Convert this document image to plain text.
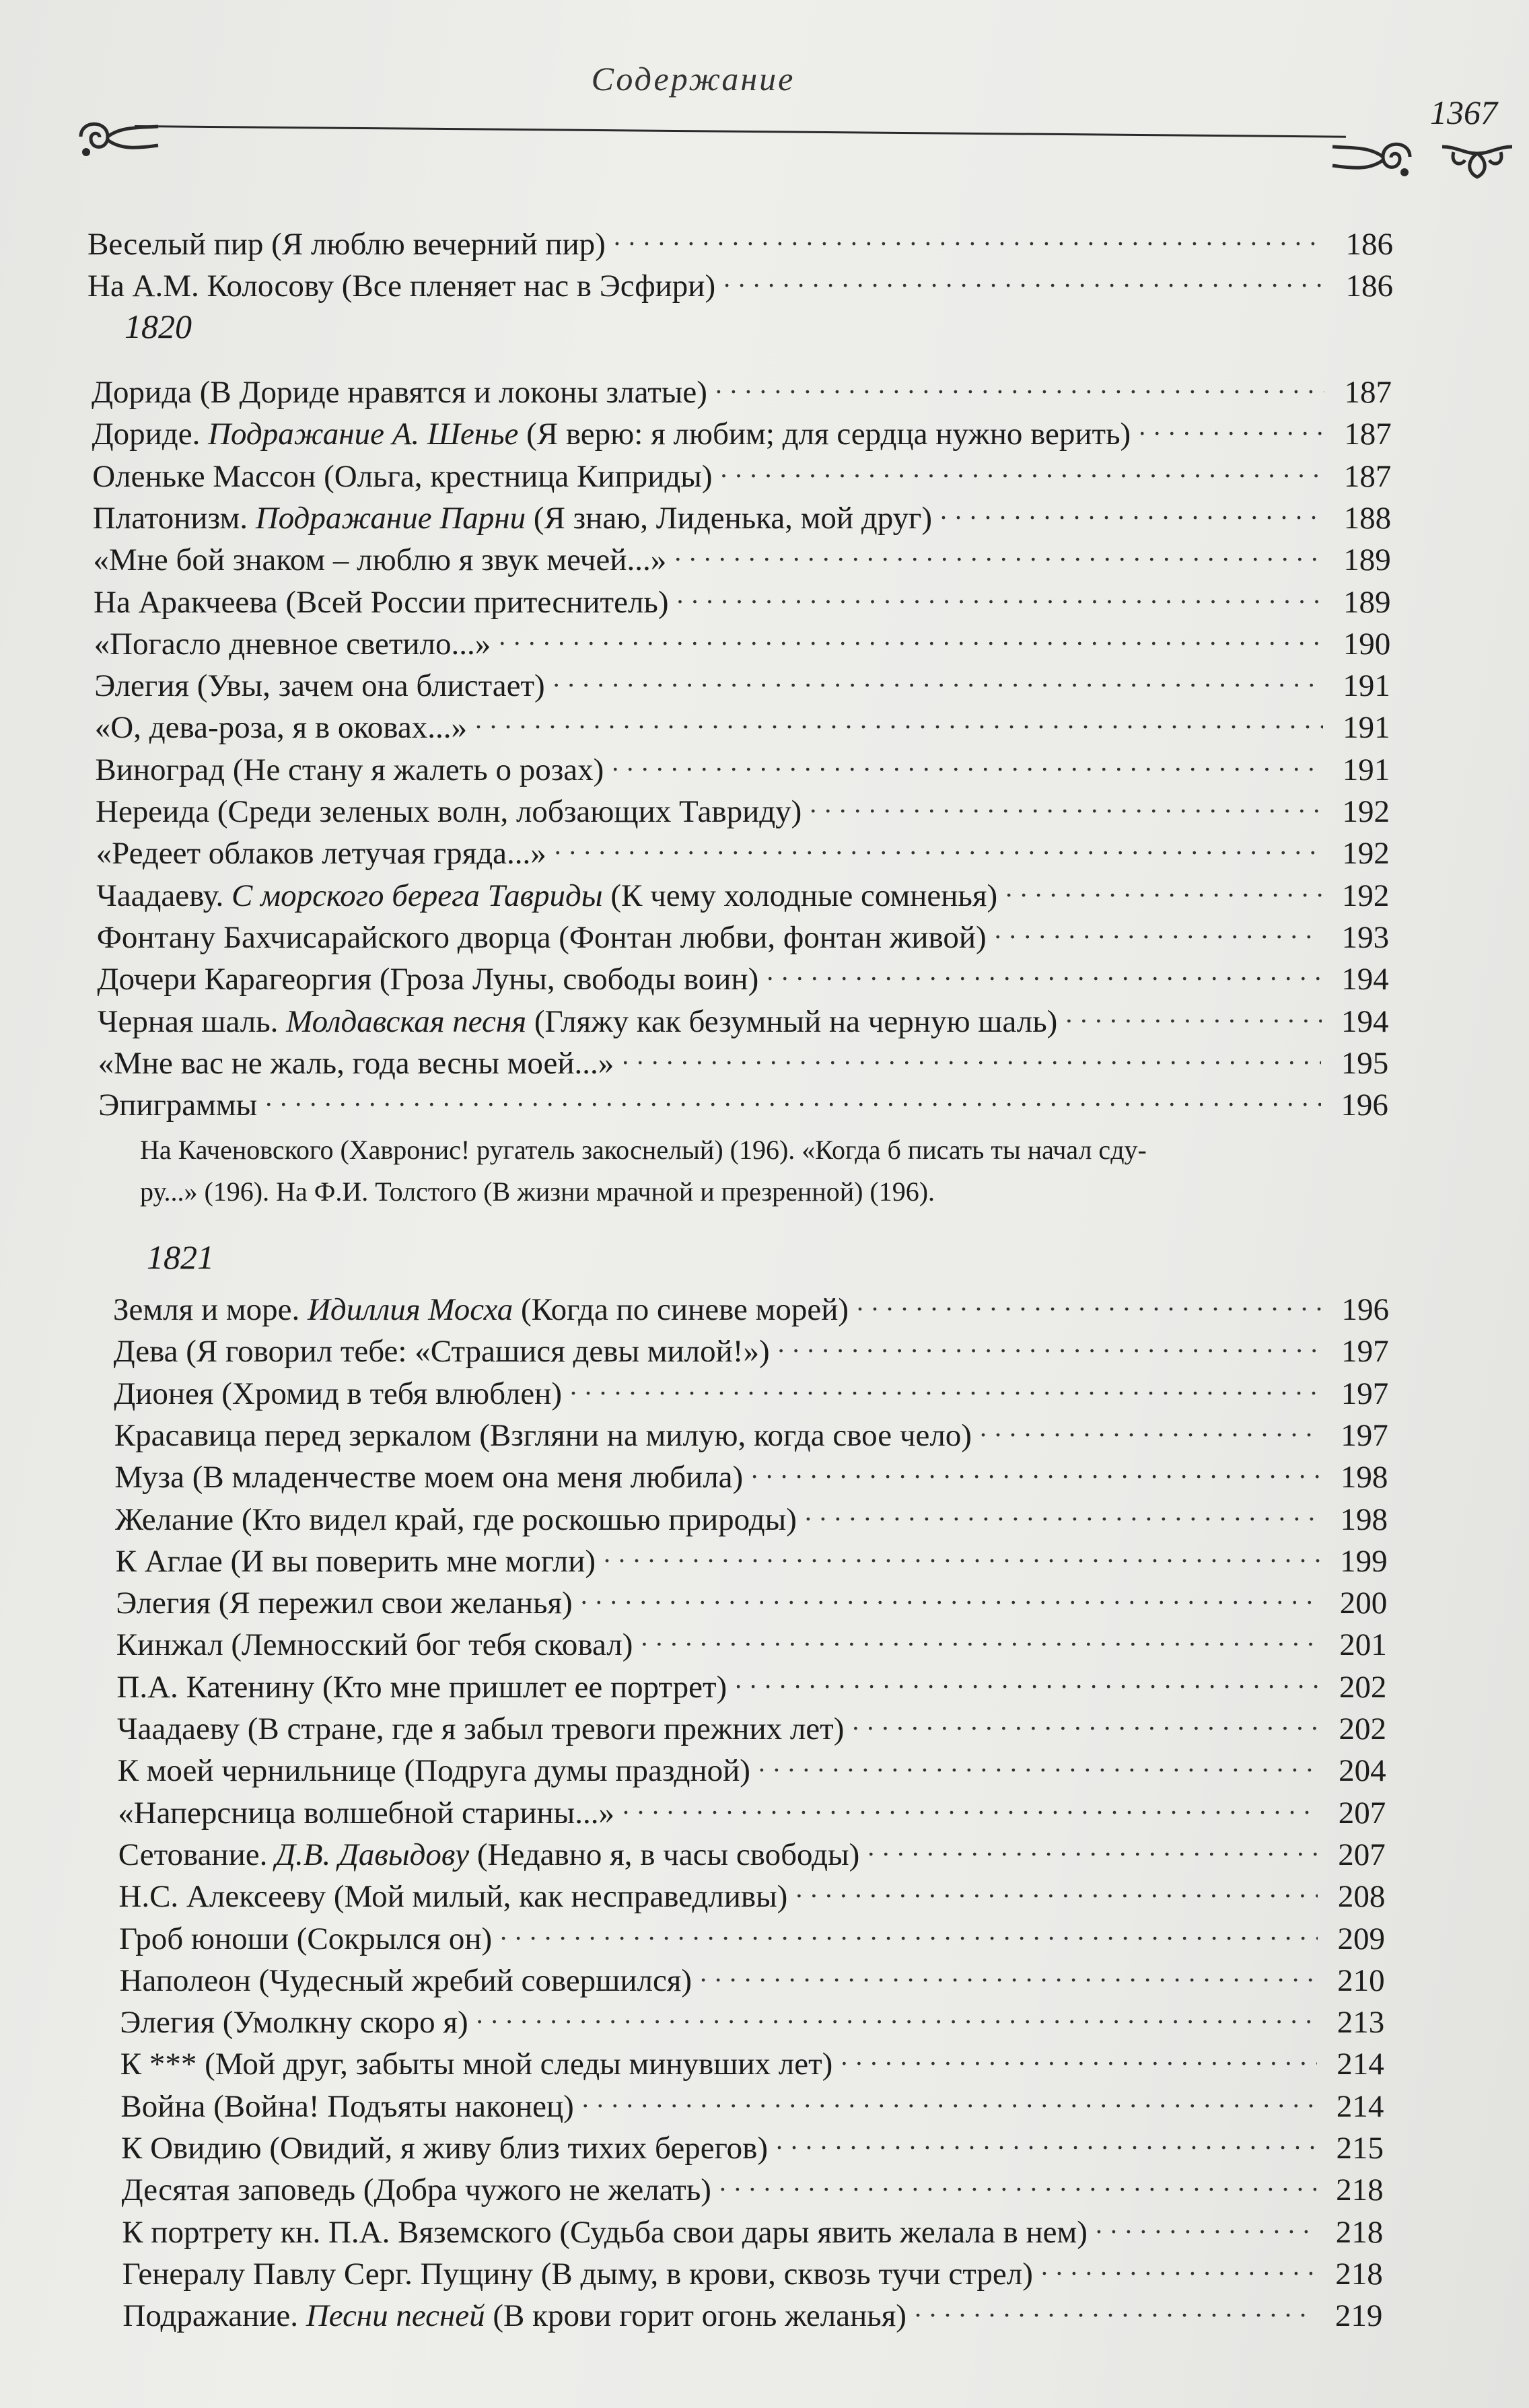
Содержание
1367
Веселый пир (Я люблю вечерний пир) . . .	186
На А.М. Колосову (Все пленяет нас в Эсфири) . . .	186
1820
Дорида (В Дориде нравятся и локоны златые) . . .	187
Дориде. Подражание А. Шенье (Я верю: я любим; для сердца нужно верить) . . .	187
Оленьке Массон (Ольга, крестница Киприды) . . .	187
Платонизм. Подражание Парни (Я знаю, Лиденька, мой друг) . . .	188
«Мне бой знаком – люблю я звук мечей...» . . .	189
На Аракчеева (Всей России притеснитель) . . .	189
«Погасло дневное светило...» . . .	190
Элегия (Увы, зачем она блистает) . . .	191
«О, дева-роза, я в оковах...» . . .	191
Виноград (Не стану я жалеть о розах) . . .	191
Нереида (Среди зеленых волн, лобзающих Тавриду) . . .	192
«Редеет облаков летучая гряда...» . . .	192
Чаадаеву. С морского берега Тавриды (К чему холодные сомненья) . . .	192
Фонтану Бахчисарайского дворца (Фонтан любви, фонтан живой) . . .	193
Дочери Карагеоргия (Гроза Луны, свободы воин) . . .	194
Черная шаль. Молдавская песня (Гляжу как безумный на черную шаль) . . .	194
«Мне вас не жаль, года весны моей...» . . .	195
Эпиграммы . . .	196
На Каченовского (Хавронис! ругатель закоснелый) (196). «Когда б писать ты начал сду-
ру...» (196). На Ф.И. Толстого (В жизни мрачной и презренной) (196).
1821
Земля и море. Идиллия Мосха (Когда по синеве морей) . . .	196
Дева (Я говорил тебе: «Страшися девы милой!») . . .	197
Дионея (Хромид в тебя влюблен) . . .	197
Красавица перед зеркалом (Взгляни на милую, когда свое чело) . . .	197
Муза (В младенчестве моем она меня любила) . . .	198
Желание (Кто видел край, где роскошью природы) . . .	198
К Аглае (И вы поверить мне могли) . . .	199
Элегия (Я пережил свои желанья) . . .	200
Кинжал (Лемносский бог тебя сковал) . . .	201
П.А. Катенину (Кто мне пришлет ее портрет) . . .	202
Чаадаеву (В стране, где я забыл тревоги прежних лет) . . .	202
К моей чернильнице (Подруга думы праздной) . . .	204
«Наперсница волшебной старины...» . . .	207
Сетование. Д.В. Давыдову (Недавно я, в часы свободы) . . .	207
Н.С. Алексееву (Мой милый, как несправедливы) . . .	208
Гроб юноши (Сокрылся он) . . .	209
Наполеон (Чудесный жребий совершился) . . .	210
Элегия (Умолкну скоро я) . . .	213
К *** (Мой друг, забыты мной следы минувших лет) . . .	214
Война (Война! Подъяты наконец) . . .	214
К Овидию (Овидий, я живу близ тихих берегов) . . .	215
Десятая заповедь (Добра чужого не желать) . . .	218
К портрету кн. П.А. Вяземского (Судьба свои дары явить желала в нем) . . .	218
Генералу Павлу Серг. Пущину (В дыму, в крови, сквозь тучи стрел) . . .	218
Подражание. Песни песней (В крови горит огонь желанья) . . .	219
